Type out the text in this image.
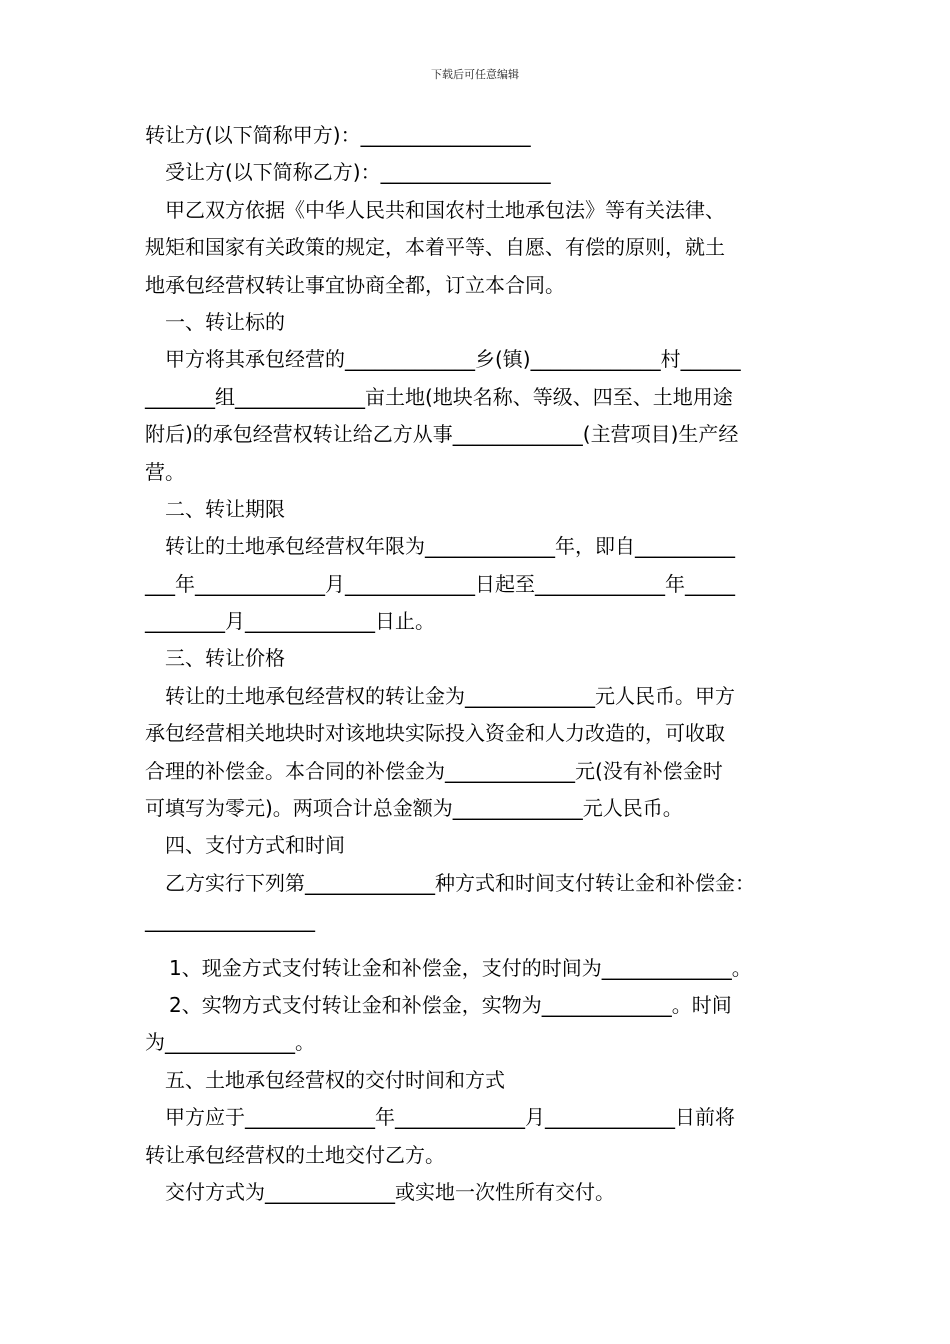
下载后可任意编辑
转让方(以下简称甲方)：_________________
受让方(以下简称乙方)：_________________
甲乙双方依据《中华人民共和国农村土地承包法》等有关法律、
规矩和国家有关政策的规定，本着平等、自愿、有偿的原则，就土
地承包经营权转让事宜协商全都，订立本合同。
一、转让标的
甲方将其承包经营的_____________乡(镇)_____________村______
_______组_____________亩土地(地块名称、等级、四至、土地用途
附后)的承包经营权转让给乙方从事_____________(主营项目)生产经
营。
二、转让期限
转让的土地承包经营权年限为_____________年，即自__________
___年_____________月_____________日起至_____________年_____
________月_____________日止。
三、转让价格
转让的土地承包经营权的转让金为_____________元人民币。甲方
承包经营相关地块时对该地块实际投入资金和人力改造的，可收取
合理的补偿金。本合同的补偿金为_____________元(没有补偿金时
可填写为零元)。两项合计总金额为_____________元人民币。
四、支付方式和时间
乙方实行下列第_____________种方式和时间支付转让金和补偿金：
_________________
1、现金方式支付转让金和补偿金，支付的时间为_____________。
2、实物方式支付转让金和补偿金，实物为_____________。时间
为_____________。
五、土地承包经营权的交付时间和方式
甲方应于_____________年_____________月_____________日前将
转让承包经营权的土地交付乙方。
交付方式为_____________或实地一次性所有交付。
